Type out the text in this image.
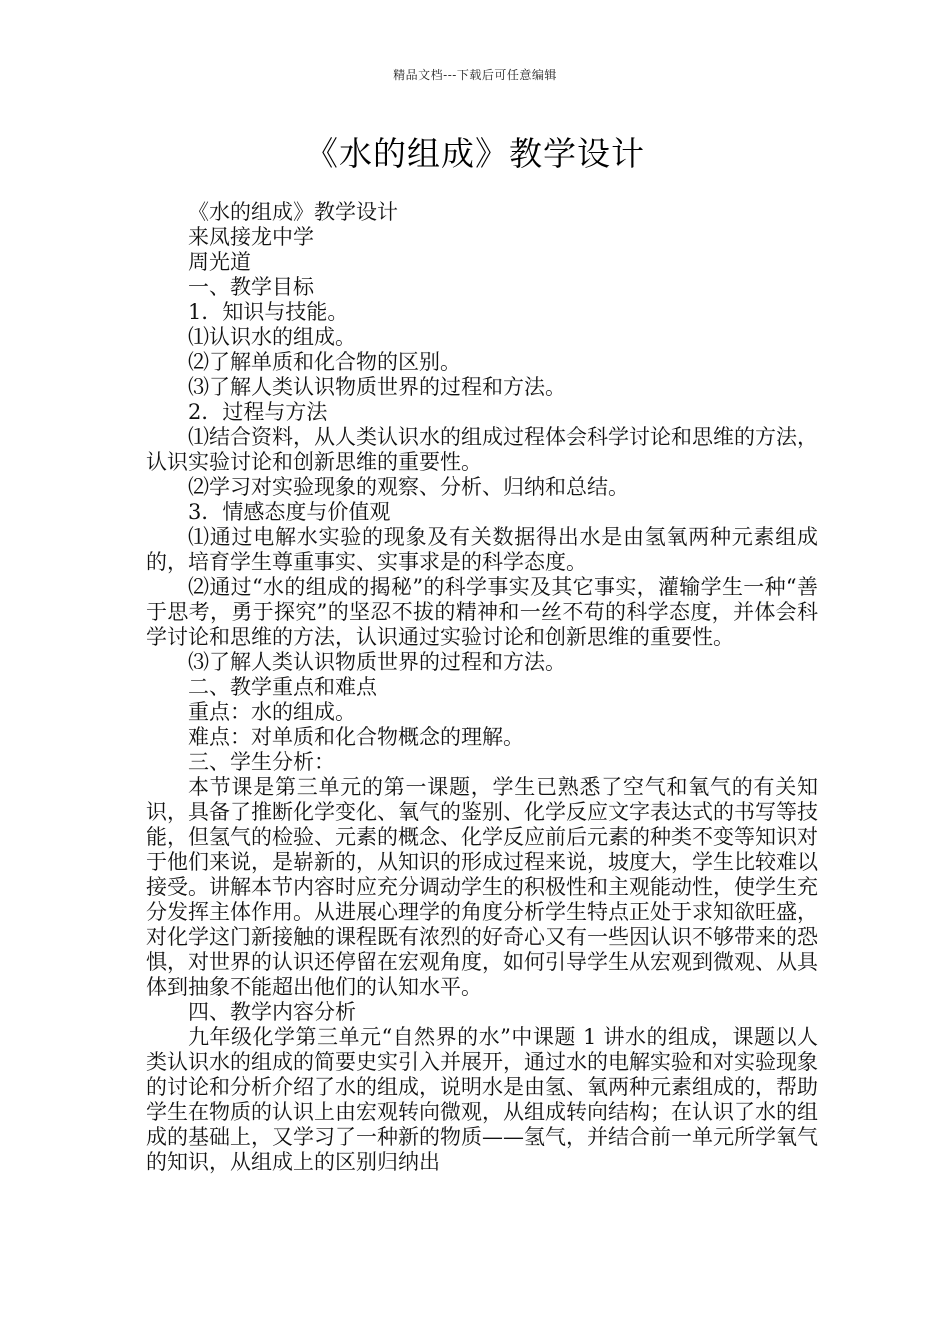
精品文档---下载后可任意编辑
《水的组成》教学设计

《水的组成》教学设计

来凤接龙中学

周光道

一、教学目标

1．知识与技能。

⑴认识水的组成。

⑵了解单质和化合物的区别。

⑶了解人类认识物质世界的过程和方法。

2．过程与方法

⑴结合资料，从人类认识水的组成过程体会科学讨论和思维的方法，认识实验讨论和创新思维的重要性。

⑵学习对实验现象的观察、分析、归纳和总结。

3．情感态度与价值观

⑴通过电解水实验的现象及有关数据得出水是由氢氧两种元素组成的，培育学生尊重事实、实事求是的科学态度。

⑵通过“水的组成的揭秘”的科学事实及其它事实，灌输学生一种“善于思考，勇于探究”的坚忍不拔的精神和一丝不苟的科学态度，并体会科学讨论和思维的方法，认识通过实验讨论和创新思维的重要性。

⑶了解人类认识物质世界的过程和方法。

二、教学重点和难点

重点：水的组成。

难点：对单质和化合物概念的理解。

三、学生分析：

本节课是第三单元的第一课题，学生已熟悉了空气和氧气的有关知识，具备了推断化学变化、氧气的鉴别、化学反应文字表达式的书写等技能，但氢气的检验、元素的概念、化学反应前后元素的种类不变等知识对于他们来说，是崭新的，从知识的形成过程来说，坡度大，学生比较难以接受。讲解本节内容时应充分调动学生的积极性和主观能动性，使学生充分发挥主体作用。从进展心理学的角度分析学生特点正处于求知欲旺盛，对化学这门新接触的课程既有浓烈的好奇心又有一些因认识不够带来的恐惧，对世界的认识还停留在宏观角度，如何引导学生从宏观到微观、从具体到抽象不能超出他们的认知水平。

四、教学内容分析

九年级化学第三单元“自然界的水”中课题 1 讲水的组成，课题以人类认识水的组成的简要史实引入并展开，通过水的电解实验和对实验现象的讨论和分析介绍了水的组成，说明水是由氢、氧两种元素组成的，帮助学生在物质的认识上由宏观转向微观，从组成转向结构；在认识了水的组成的基础上，又学习了一种新的物质——氢气，并结合前一单元所学氧气的知识，从组成上的区别归纳出
